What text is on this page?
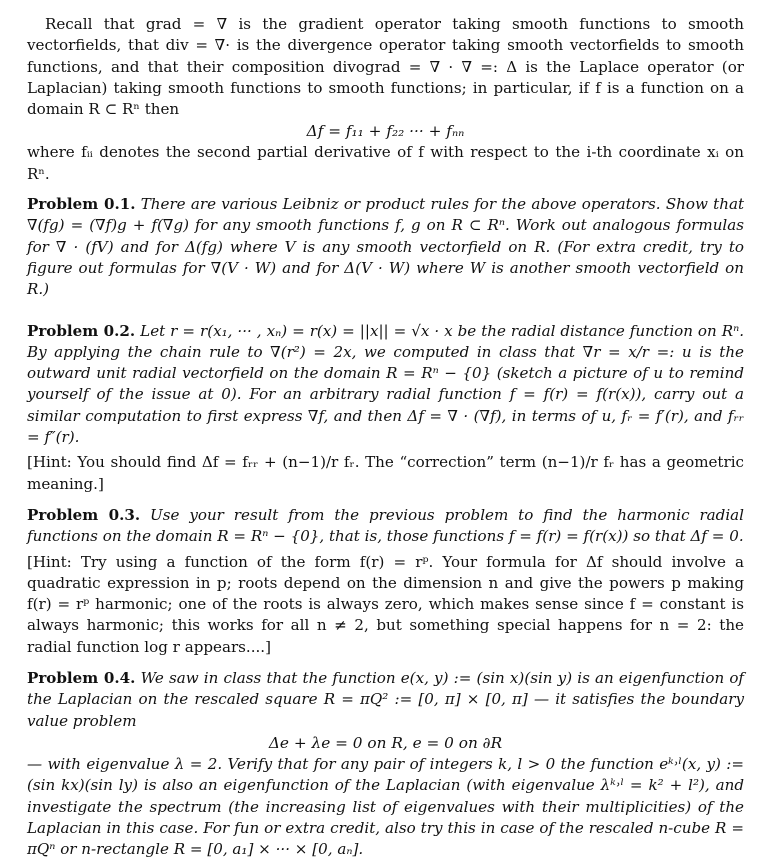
Recall that grad = ∇ is the gradient operator taking smooth functions to smooth vectorfields, that div = ∇· is the divergence operator taking smooth vectorfields to smooth functions, and that their composition divograd = ∇ · ∇ =: Δ is the Laplace operator (or Laplacian) taking smooth functions to smooth functions; in particular, if f is a function on a domain R ⊂ Rⁿ then

Δf = f₁₁ + f₂₂ ··· + fₙₙ

where fᵢᵢ denotes the second partial derivative of f with respect to the i-th coordinate xᵢ on Rⁿ.

Problem 0.1. There are various Leibniz or product rules for the above operators. Show that ∇(fg) = (∇f)g + f(∇g) for any smooth functions f, g on R ⊂ Rⁿ. Work out analogous formulas for ∇ · (fV) and for Δ(fg) where V is any smooth vectorfield on R. (For extra credit, try to figure out formulas for ∇(V · W) and for Δ(V · W) where W is another smooth vectorfield on R.)

Problem 0.2. Let r = r(x₁, ··· , xₙ) = r(x) = ||x|| = √x · x be the radial distance function on Rⁿ. By applying the chain rule to ∇(r²) = 2x, we computed in class that ∇r = x/r =: u is the outward unit radial vectorfield on the domain R = Rⁿ − {0} (sketch a picture of u to remind yourself of the issue at 0). For an arbitrary radial function f = f(r) = f(r(x)), carry out a similar computation to first express ∇f, and then Δf = ∇ · (∇f), in terms of u, fᵣ = f′(r), and fᵣᵣ = f″(r).

[Hint: You should find Δf = fᵣᵣ + (n−1)/r fᵣ. The “correction” term (n−1)/r fᵣ has a geometric meaning.]

Problem 0.3. Use your result from the previous problem to find the harmonic radial functions on the domain R = Rⁿ − {0}, that is, those functions f = f(r) = f(r(x)) so that Δf = 0.

[Hint: Try using a function of the form f(r) = rᵖ. Your formula for Δf should involve a quadratic expression in p; roots depend on the dimension n and give the powers p making f(r) = rᵖ harmonic; one of the roots is always zero, which makes sense since f = constant is always harmonic; this works for all n ≠ 2, but something special happens for n = 2: the radial function log r appears....]

Problem 0.4. We saw in class that the function e(x, y) := (sin x)(sin y) is an eigenfunction of the Laplacian on the rescaled square R = πQ² := [0, π] × [0, π] — it satisfies the boundary value problem

Δe + λe = 0 on R, e = 0 on ∂R

— with eigenvalue λ = 2. Verify that for any pair of integers k, l > 0 the function eᵏ˒ˡ(x, y) := (sin kx)(sin ly) is also an eigenfunction of the Laplacian (with eigenvalue λᵏ˒ˡ = k² + l²), and investigate the spectrum (the increasing list of eigenvalues with their multiplicities) of the Laplacian in this case. For fun or extra credit, also try this in case of the rescaled n-cube R = πQⁿ or n-rectangle R = [0, a₁] × ··· × [0, aₙ].
